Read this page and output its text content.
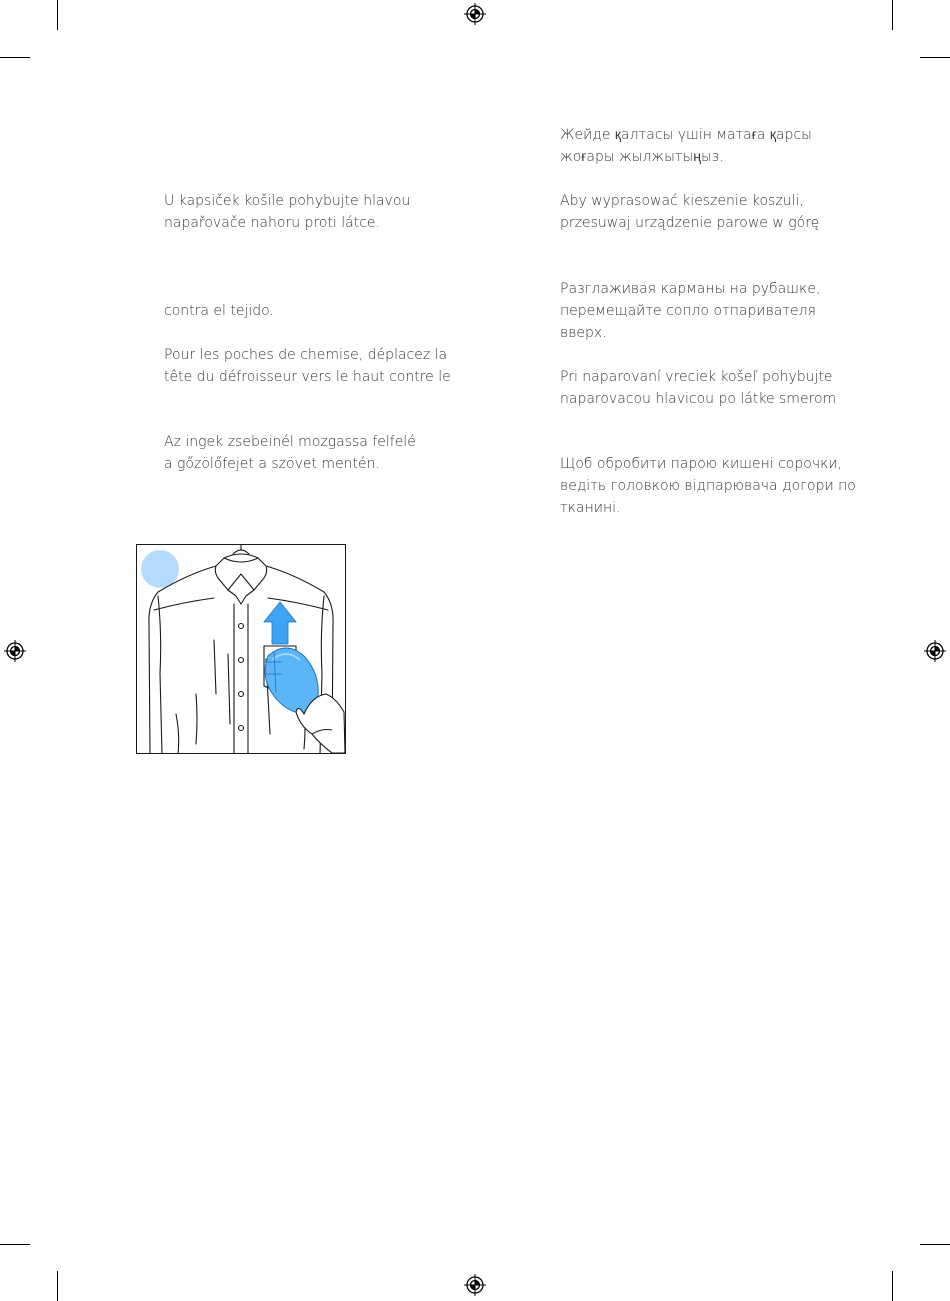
U kapsiček košile pohybujte hlavou
napařovače nahoru proti látce.

contra el tejido.

Pour les poches de chemise, déplacez la
tête du défroisseur vers le haut contre le

Az ingek zsebeinél mozgassa felfelé
a gőzölőfejet a szövet mentén.

Жейде қалтасы үшін матаға қарсы
жоғары жылжытыңыз.

Aby wyprasować kieszenie koszuli,
przesuwaj urządzenie parowe w górę

Разглаживая карманы на рубашке,
перемещайте сопло отпаривателя
вверх.

Pri naparovaní vreciek košeľ pohybujte
naparovacou hlavicou po látke smerom

Щоб обробити парою кишені сорочки,
ведіть головкою відпарювача догори по
тканині.
